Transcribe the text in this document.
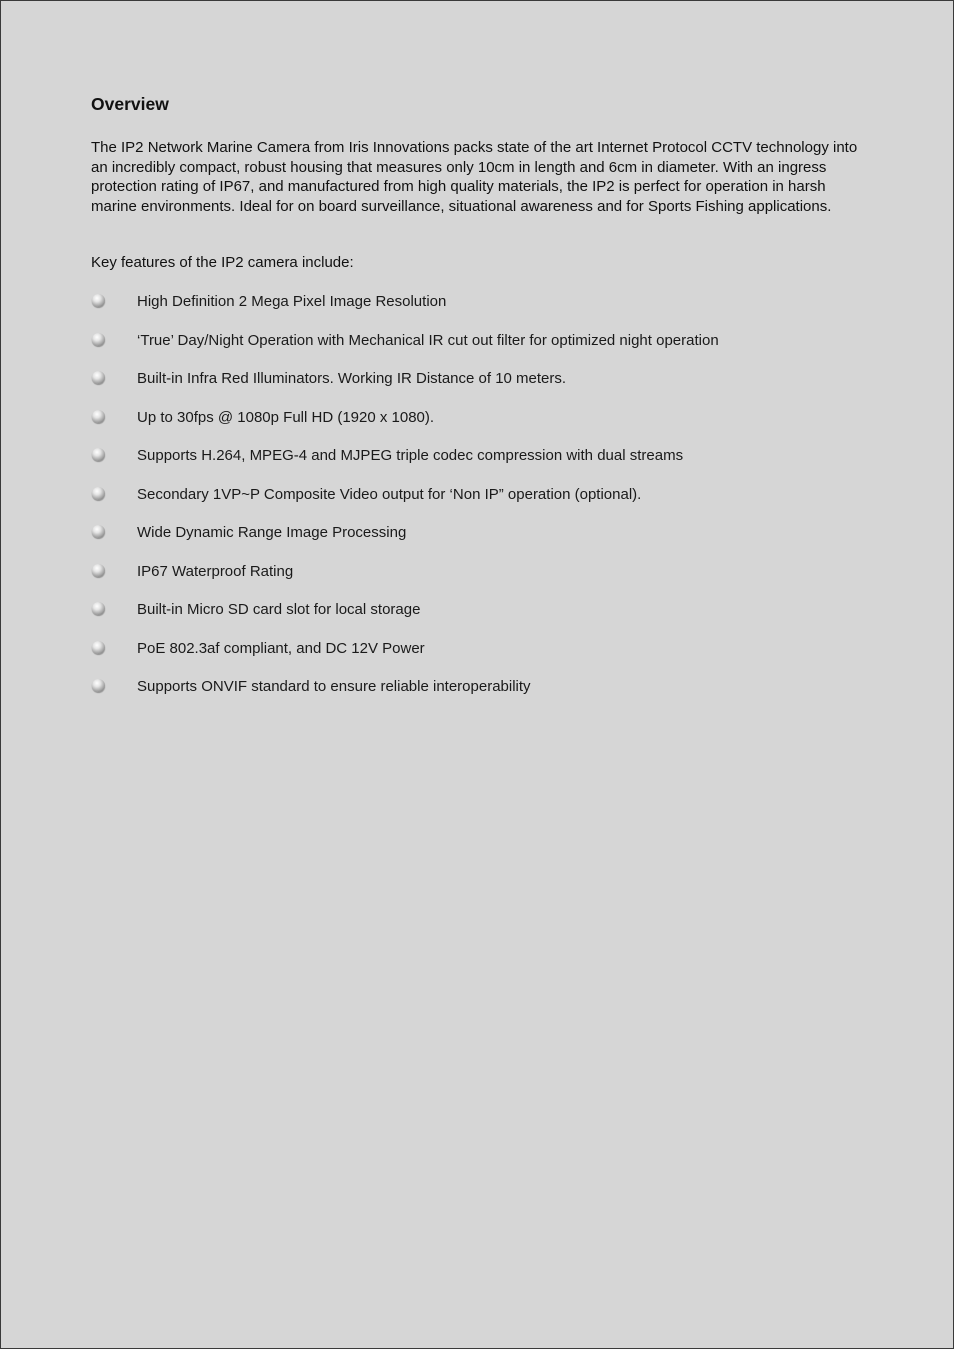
Overview

The IP2 Network Marine Camera from Iris Innovations packs state of the art Internet Protocol CCTV technology into an incredibly compact, robust housing that measures only 10cm in length and 6cm in diameter. With an ingress protection rating of IP67, and manufactured from high quality materials, the IP2 is perfect for operation in harsh marine environments. Ideal for on board surveillance, situational awareness and for Sports Fishing applications.

Key features of the IP2 camera include:

High Definition 2 Mega Pixel Image Resolution
‘True’ Day/Night Operation with Mechanical IR cut out filter for optimized night operation
Built-in Infra Red Illuminators. Working IR Distance of 10 meters.
Up to 30fps @ 1080p Full HD (1920 x 1080).
Supports H.264, MPEG-4 and MJPEG triple codec compression with dual streams
Secondary 1VP~P Composite Video output for ‘Non IP” operation (optional).
Wide Dynamic Range Image Processing
IP67 Waterproof Rating
Built-in Micro SD card slot for local storage
PoE 802.3af compliant, and DC 12V Power
Supports ONVIF standard to ensure reliable interoperability
